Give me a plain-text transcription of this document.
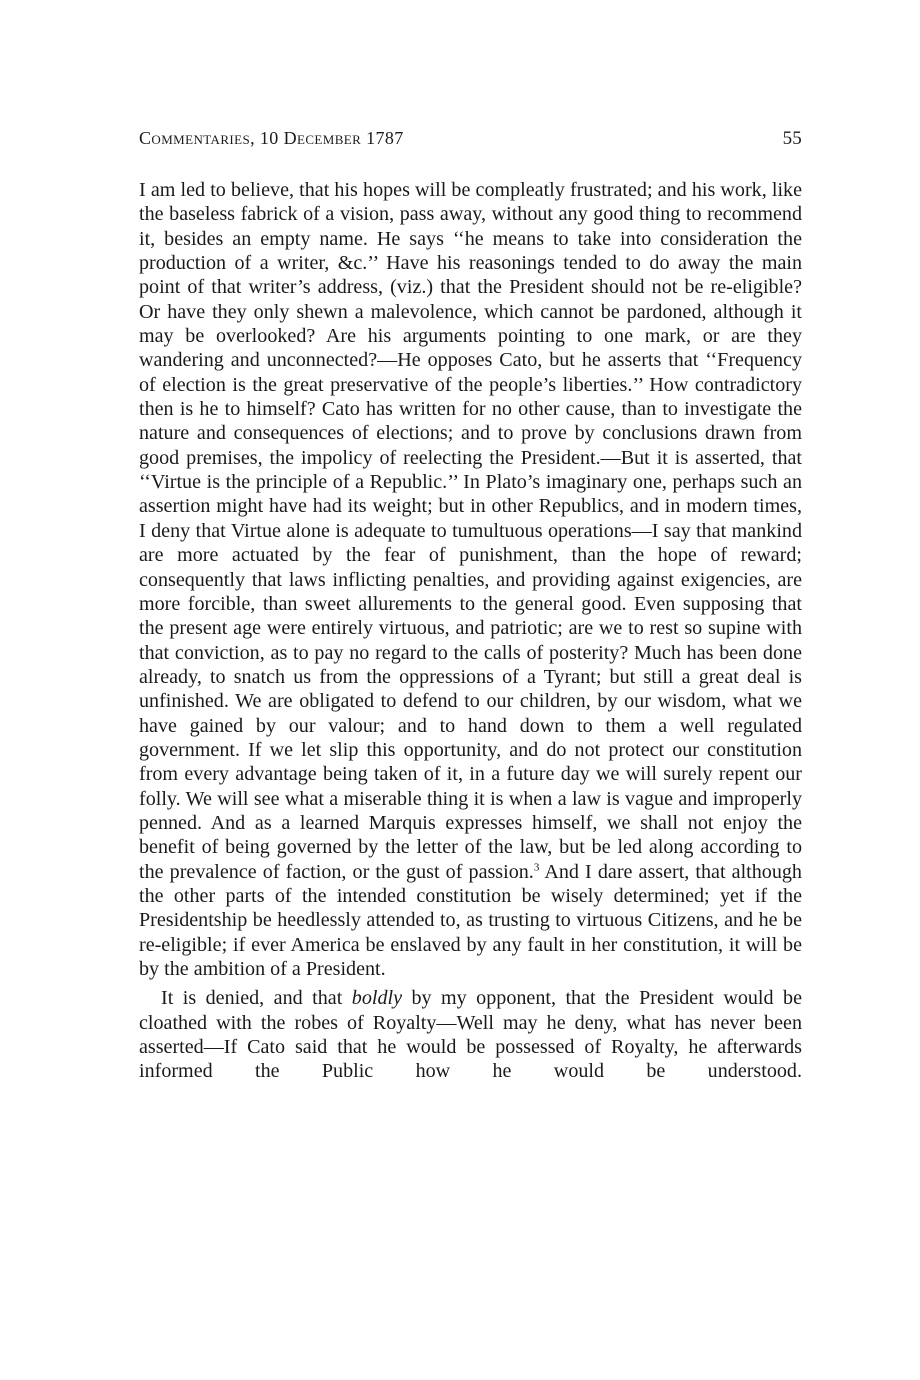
Commentaries, 10 December 1787	55

I am led to believe, that his hopes will be compleatly frustrated; and his work, like the baseless fabrick of a vision, pass away, without any good thing to recommend it, besides an empty name. He says ‘‘he means to take into consideration the production of a writer, &c.’’ Have his reasonings tended to do away the main point of that writer’s address, (viz.) that the President should not be re-eligible? Or have they only shewn a malevolence, which cannot be pardoned, although it may be overlooked? Are his arguments pointing to one mark, or are they wandering and unconnected?—He opposes Cato, but he asserts that ‘‘Frequency of election is the great preservative of the people’s liberties.’’ How contradictory then is he to himself? Cato has written for no other cause, than to investigate the nature and consequences of elections; and to prove by conclusions drawn from good premises, the impolicy of reelecting the President.—But it is asserted, that ‘‘Virtue is the principle of a Republic.’’ In Plato’s imaginary one, perhaps such an assertion might have had its weight; but in other Republics, and in modern times, I deny that Virtue alone is adequate to tumultuous operations—I say that mankind are more actuated by the fear of punishment, than the hope of reward; consequently that laws inflicting penalties, and providing against exigencies, are more forcible, than sweet allurements to the general good. Even supposing that the present age were entirely virtuous, and patriotic; are we to rest so supine with that conviction, as to pay no regard to the calls of posterity? Much has been done already, to snatch us from the oppressions of a Tyrant; but still a great deal is unfinished. We are obligated to defend to our children, by our wisdom, what we have gained by our valour; and to hand down to them a well regulated government. If we let slip this opportunity, and do not protect our constitution from every advantage being taken of it, in a future day we will surely repent our folly. We will see what a miserable thing it is when a law is vague and improperly penned. And as a learned Marquis expresses himself, we shall not enjoy the benefit of being governed by the letter of the law, but be led along according to the prevalence of faction, or the gust of passion.$^3$ And I dare assert, that although the other parts of the intended constitution be wisely determined; yet if the Presidentship be heedlessly attended to, as trusting to virtuous Citizens, and he be re-eligible; if ever America be enslaved by any fault in her constitution, it will be by the ambition of a President.

It is denied, and that boldly by my opponent, that the President would be cloathed with the robes of Royalty—Well may he deny, what has never been asserted—If Cato said that he would be possessed of Royalty, he afterwards informed the Public how he would be understood.
